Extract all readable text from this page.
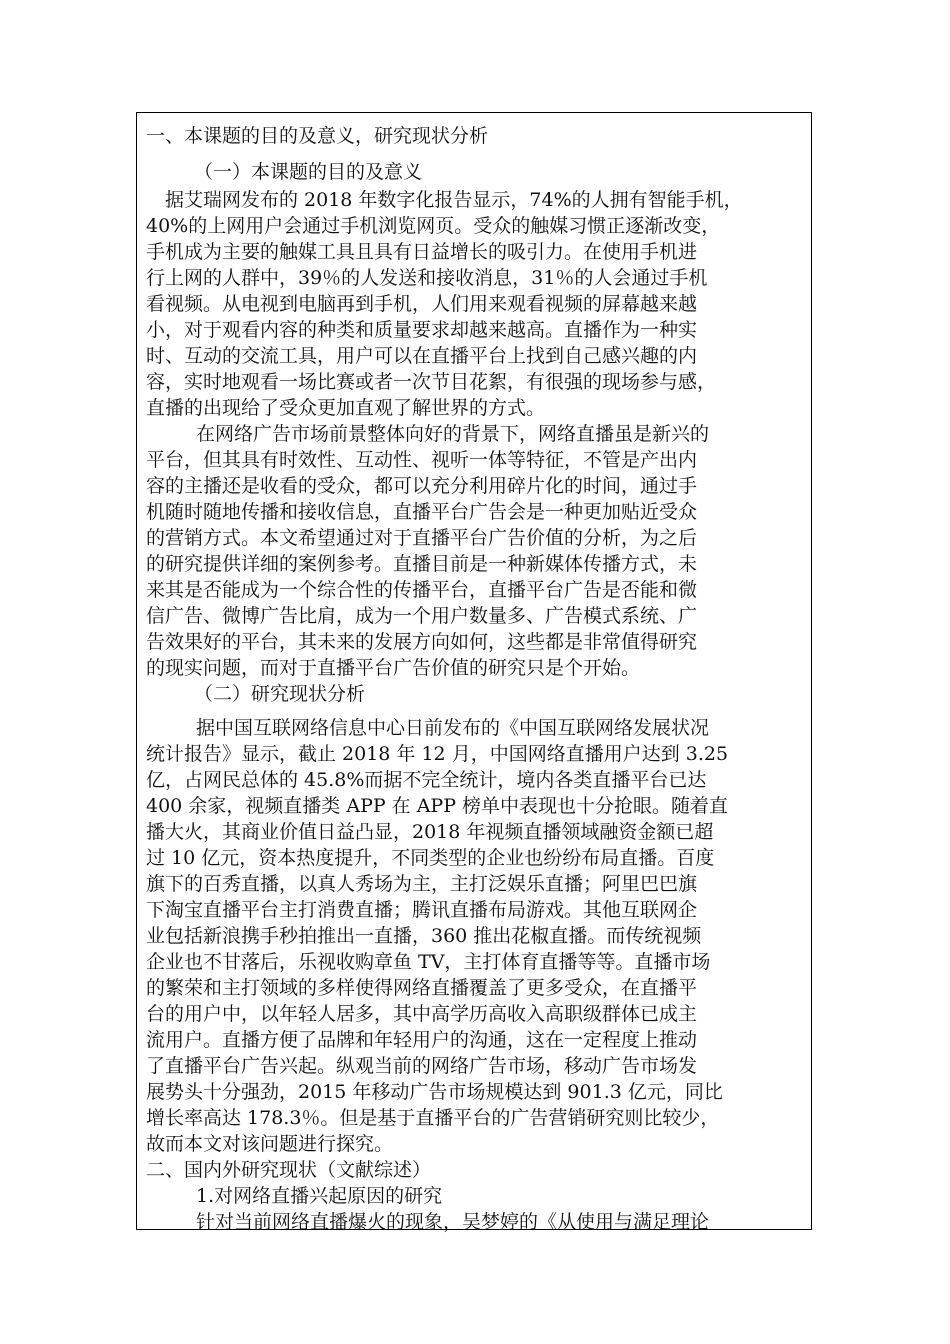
一、本课题的目的及意义，研究现状分析
（一）本课题的目的及意义
　据艾瑞网发布的 2018 年数字化报告显示，74%的人拥有智能手机，
40%的上网用户会通过手机浏览网页。受众的触媒习惯正逐渐改变，
手机成为主要的触媒工具且具有日益增长的吸引力。在使用手机进
行上网的人群中，39％的人发送和接收消息，31％的人会通过手机
看视频。从电视到电脑再到手机，人们用来观看视频的屏幕越来越
小，对于观看内容的种类和质量要求却越来越高。直播作为一种实
时、互动的交流工具，用户可以在直播平台上找到自己感兴趣的内
容，实时地观看一场比赛或者一次节目花絮，有很强的现场参与感，
直播的出现给了受众更加直观了解世界的方式。
在网络广告市场前景整体向好的背景下，网络直播虽是新兴的
平台，但其具有时效性、互动性、视听一体等特征，不管是产出内
容的主播还是收看的受众，都可以充分利用碎片化的时间，通过手
机随时随地传播和接收信息，直播平台广告会是一种更加贴近受众
的营销方式。本文希望通过对于直播平台广告价值的分析，为之后
的研究提供详细的案例参考。直播目前是一种新媒体传播方式，未
来其是否能成为一个综合性的传播平台，直播平台广告是否能和微
信广告、微博广告比肩，成为一个用户数量多、广告模式系统、广
告效果好的平台，其未来的发展方向如何，这些都是非常值得研究
的现实问题，而对于直播平台广告价值的研究只是个开始。
（二）研究现状分析
据中国互联网络信息中心日前发布的《中国互联网络发展状况
统计报告》显示，截止 2018 年 12 月，中国网络直播用户达到 3.25
亿，占网民总体的 45.8%而据不完全统计，境内各类直播平台已达
400 余家，视频直播类 APP 在 APP 榜单中表现也十分抢眼。随着直
播大火，其商业价值日益凸显，2018 年视频直播领域融资金额已超
过 10 亿元，资本热度提升，不同类型的企业也纷纷布局直播。百度
旗下的百秀直播，以真人秀场为主，主打泛娱乐直播；阿里巴巴旗
下淘宝直播平台主打消费直播；腾讯直播布局游戏。其他互联网企
业包括新浪携手秒拍推出一直播，360 推出花椒直播。而传统视频
企业也不甘落后，乐视收购章鱼 TV，主打体育直播等等。直播市场
的繁荣和主打领域的多样使得网络直播覆盖了更多受众，在直播平
台的用户中，以年轻人居多，其中高学历高收入高职级群体已成主
流用户。直播方便了品牌和年轻用户的沟通，这在一定程度上推动
了直播平台广告兴起。纵观当前的网络广告市场，移动广告市场发
展势头十分强劲，2015 年移动广告市场规模达到 901.3 亿元，同比
增长率高达 178.3％。但是基于直播平台的广告营销研究则比较少，
故而本文对该问题进行探究。
二、国内外研究现状（文献综述）
1.对网络直播兴起原因的研究
针对当前网络直播爆火的现象，吴梦婷的《从使用与满足理论
